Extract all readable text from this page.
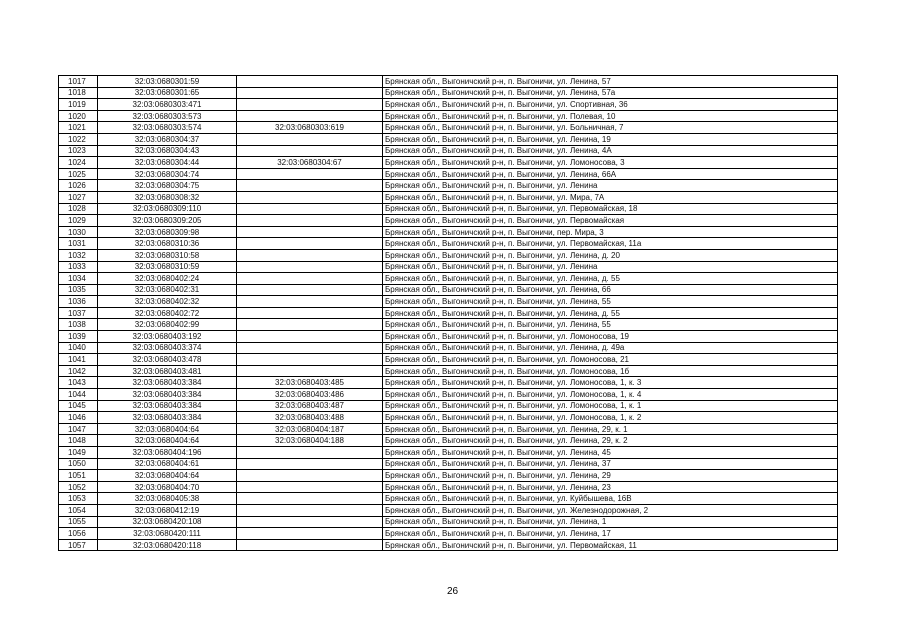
1017	32:03:0680301:59		Брянская обл., Выгоничский р-н, п. Выгоничи, ул. Ленина, 57
1018	32:03:0680301:65		Брянская обл., Выгоничский р-н, п. Выгоничи, ул. Ленина, 57а
1019	32:03:0680303:471		Брянская обл., Выгоничский р-н, п. Выгоничи, ул. Спортивная, 36
1020	32:03:0680303:573		Брянская обл., Выгоничский р-н, п. Выгоничи, ул. Полевая, 10
1021	32:03:0680303:574	32:03:0680303:619	Брянская обл., Выгоничский р-н, п. Выгоничи, ул. Больничная, 7
1022	32:03:0680304:37		Брянская обл., Выгоничский р-н, п. Выгоничи, ул. Ленина, 19
1023	32:03:0680304:43		Брянская обл., Выгоничский р-н, п. Выгоничи, ул. Ленина, 4А
1024	32:03:0680304:44	32:03:0680304:67	Брянская обл., Выгоничский р-н, п. Выгоничи, ул. Ломоносова, 3
1025	32:03:0680304:74		Брянская обл., Выгоничский р-н, п. Выгоничи, ул. Ленина, 66А
1026	32:03:0680304:75		Брянская обл., Выгоничский р-н, п. Выгоничи, ул. Ленина
1027	32:03:0680308:32		Брянская обл., Выгоничский р-н, п. Выгоничи, ул. Мира, 7А
1028	32:03:0680309:110		Брянская обл., Выгоничский р-н, п. Выгоничи, ул. Первомайская, 18
1029	32:03:0680309:205		Брянская обл., Выгоничский р-н, п. Выгоничи, ул. Первомайская
1030	32:03:0680309:98		Брянская обл., Выгоничский р-н, п. Выгоничи, пер. Мира, 3
1031	32:03:0680310:36		Брянская обл., Выгоничский р-н, п. Выгоничи, ул. Первомайская, 11а
1032	32:03:0680310:58		Брянская обл., Выгоничский р-н, п. Выгоничи, ул. Ленина, д. 20
1033	32:03:0680310:59		Брянская обл., Выгоничский р-н, п. Выгоничи, ул. Ленина
1034	32:03:0680402:24		Брянская обл., Выгоничский р-н, п. Выгоничи, ул. Ленина, д. 55
1035	32:03:0680402:31		Брянская обл., Выгоничский р-н, п. Выгоничи, ул. Ленина, 66
1036	32:03:0680402:32		Брянская обл., Выгоничский р-н, п. Выгоничи, ул. Ленина, 55
1037	32:03:0680402:72		Брянская обл., Выгоничский р-н, п. Выгоничи, ул. Ленина, д. 55
1038	32:03:0680402:99		Брянская обл., Выгоничский р-н, п. Выгоничи, ул. Ленина, 55
1039	32:03:0680403:192		Брянская обл., Выгоничский р-н, п. Выгоничи, ул. Ломоносова, 19
1040	32:03:0680403:374		Брянская обл., Выгоничский р-н, п. Выгоничи, ул. Ленина, д. 49а
1041	32:03:0680403:478		Брянская обл., Выгоничский р-н, п. Выгоничи, ул. Ломоносова, 21
1042	32:03:0680403:481		Брянская обл., Выгоничский р-н, п. Выгоничи, ул. Ломоносова, 1б
1043	32:03:0680403:384	32:03:0680403:485	Брянская обл., Выгоничский р-н, п. Выгоничи, ул. Ломоносова, 1, к. 3
1044	32:03:0680403:384	32:03:0680403:486	Брянская обл., Выгоничский р-н, п. Выгоничи, ул. Ломоносова, 1, к. 4
1045	32:03:0680403:384	32:03:0680403:487	Брянская обл., Выгоничский р-н, п. Выгоничи, ул. Ломоносова, 1, к. 1
1046	32:03:0680403:384	32:03:0680403:488	Брянская обл., Выгоничский р-н, п. Выгоничи, ул. Ломоносова, 1, к. 2
1047	32:03:0680404:64	32:03:0680404:187	Брянская обл., Выгоничский р-н, п. Выгоничи, ул. Ленина, 29, к. 1
1048	32:03:0680404:64	32:03:0680404:188	Брянская обл., Выгоничский р-н, п. Выгоничи, ул. Ленина, 29, к. 2
1049	32:03:0680404:196		Брянская обл., Выгоничский р-н, п. Выгоничи, ул. Ленина, 45
1050	32:03:0680404:61		Брянская обл., Выгоничский р-н, п. Выгоничи, ул. Ленина, 37
1051	32:03:0680404:64		Брянская обл., Выгоничский р-н, п. Выгоничи, ул. Ленина, 29
1052	32:03:0680404:70		Брянская обл., Выгоничский р-н, п. Выгоничи, ул. Ленина, 23
1053	32:03:0680405:38		Брянская обл., Выгоничский р-н, п. Выгоничи, ул. Куйбышева, 16В
1054	32:03:0680412:19		Брянская обл., Выгоничский р-н, п. Выгоничи, ул. Железнодорожная, 2
1055	32:03:0680420:108		Брянская обл., Выгоничский р-н, п. Выгоничи, ул. Ленина, 1
1056	32:03:0680420:111		Брянская обл., Выгоничский р-н, п. Выгоничи, ул. Ленина, 17
1057	32:03:0680420:118		Брянская обл., Выгоничский р-н, п. Выгоничи, ул. Первомайская, 11
26
